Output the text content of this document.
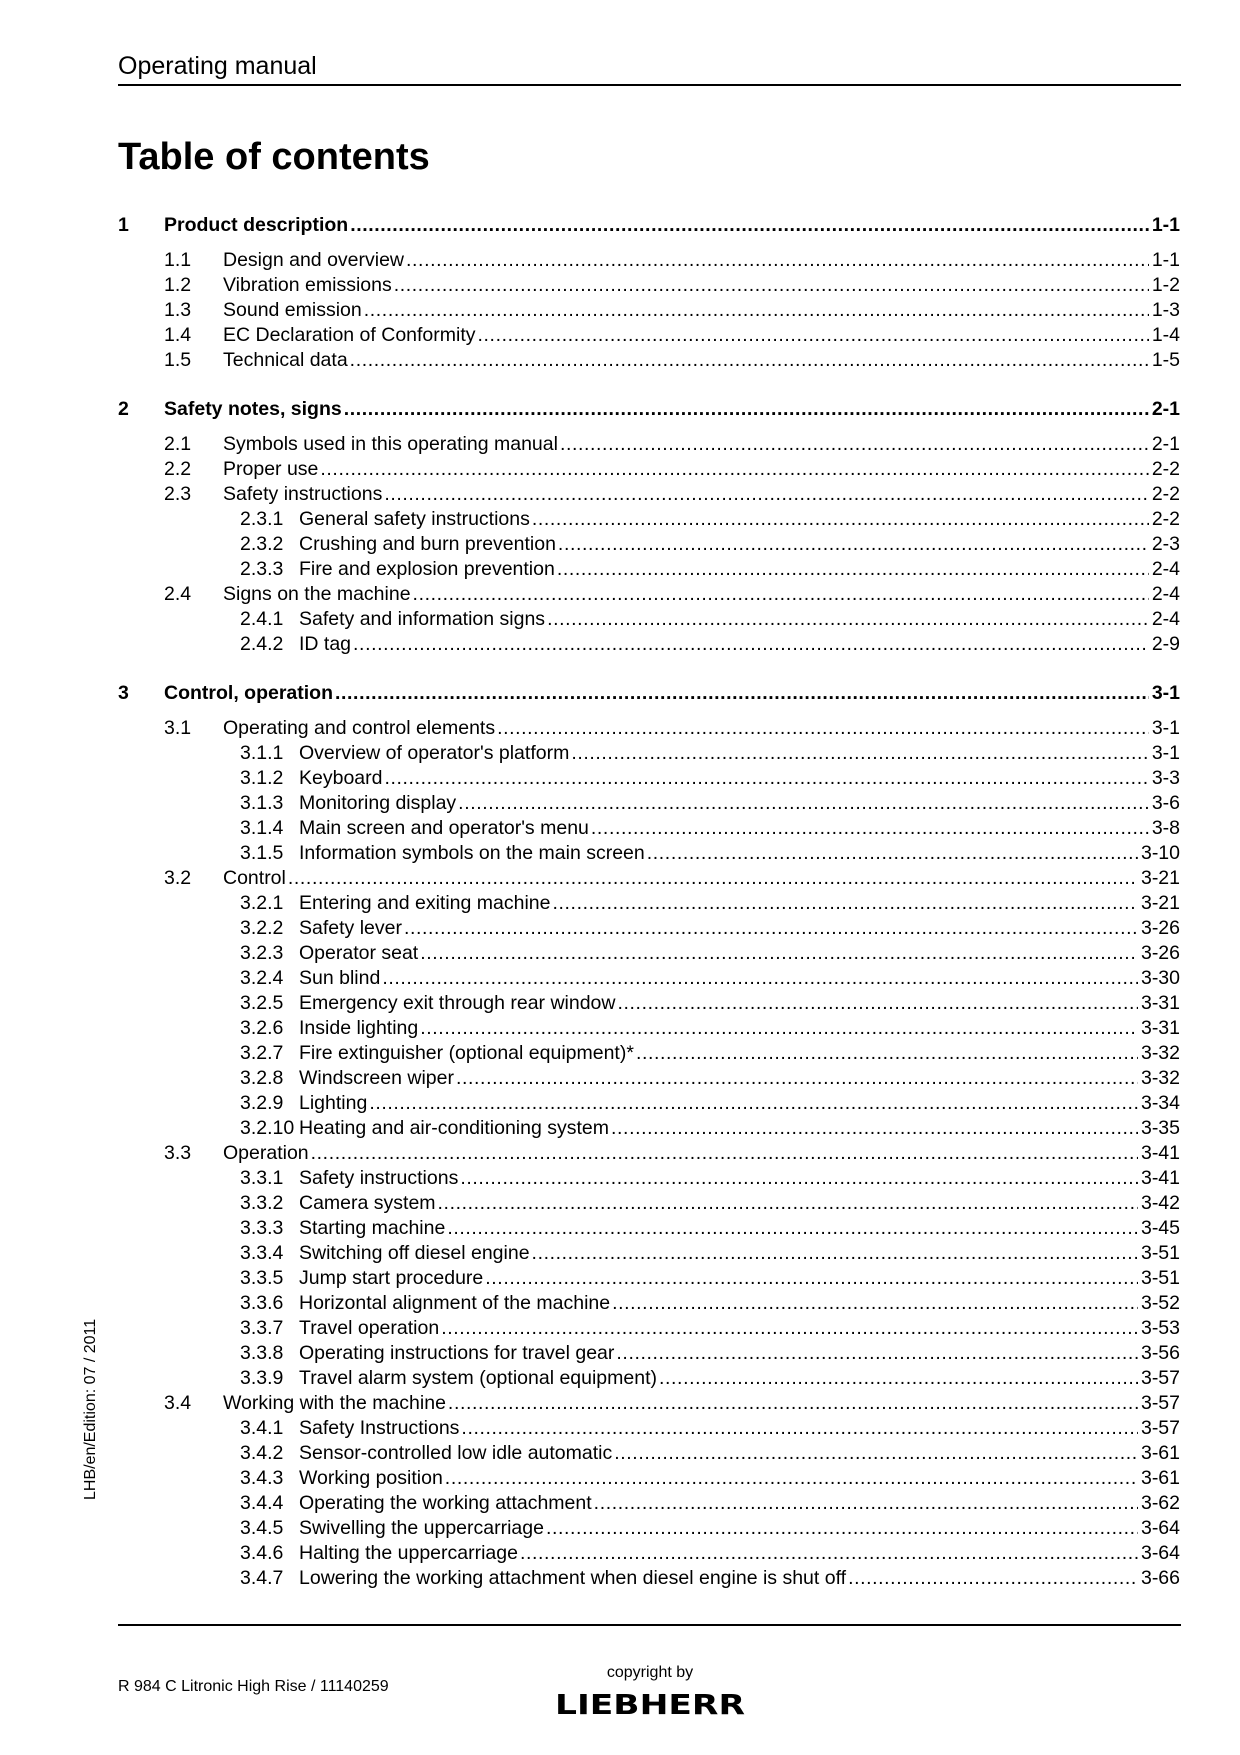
Operating manual
Table of contents
1 Product description .....	1-1
1.1 Design and overview .....	1-1
1.2 Vibration emissions .....	1-2
1.3 Sound emission .....	1-3
1.4 EC Declaration of Conformity .....	1-4
1.5 Technical data .....	1-5
2 Safety notes, signs .....	2-1
2.1 Symbols used in this operating manual .....	2-1
2.2 Proper use .....	2-2
2.3 Safety instructions .....	2-2
2.3.1 General safety instructions .....	2-2
2.3.2 Crushing and burn prevention .....	2-3
2.3.3 Fire and explosion prevention .....	2-4
2.4 Signs on the machine .....	2-4
2.4.1 Safety and information signs .....	2-4
2.4.2 ID tag .....	2-9
3 Control, operation .....	3-1
3.1 Operating and control elements .....	3-1
3.1.1 Overview of operator's platform .....	3-1
3.1.2 Keyboard .....	3-3
3.1.3 Monitoring display .....	3-6
3.1.4 Main screen and operator's menu .....	3-8
3.1.5 Information symbols on the main screen .....	3-10
3.2 Control .....	3-21
3.2.1 Entering and exiting machine .....	3-21
3.2.2 Safety lever .....	3-26
3.2.3 Operator seat .....	3-26
3.2.4 Sun blind .....	3-30
3.2.5 Emergency exit through rear window .....	3-31
3.2.6 Inside lighting .....	3-31
3.2.7 Fire extinguisher (optional equipment)* .....	3-32
3.2.8 Windscreen wiper .....	3-32
3.2.9 Lighting .....	3-34
3.2.10 Heating and air-conditioning system .....	3-35
3.3 Operation .....	3-41
3.3.1 Safety instructions .....	3-41
3.3.2 Camera system .....	3-42
3.3.3 Starting machine .....	3-45
3.3.4 Switching off diesel engine .....	3-51
3.3.5 Jump start procedure .....	3-51
3.3.6 Horizontal alignment of the machine .....	3-52
3.3.7 Travel operation .....	3-53
3.3.8 Operating instructions for travel gear .....	3-56
3.3.9 Travel alarm system (optional equipment) .....	3-57
3.4 Working with the machine .....	3-57
3.4.1 Safety Instructions .....	3-57
3.4.2 Sensor-controlled low idle automatic .....	3-61
3.4.3 Working position .....	3-61
3.4.4 Operating the working attachment .....	3-62
3.4.5 Swivelling the uppercarriage .....	3-64
3.4.6 Halting the uppercarriage .....	3-64
3.4.7 Lowering the working attachment when diesel engine is shut off .....	3-66
LHB/en/Edition: 07 / 2011
R 984 C Litronic High Rise / 11140259
copyright by
LIEBHERR
